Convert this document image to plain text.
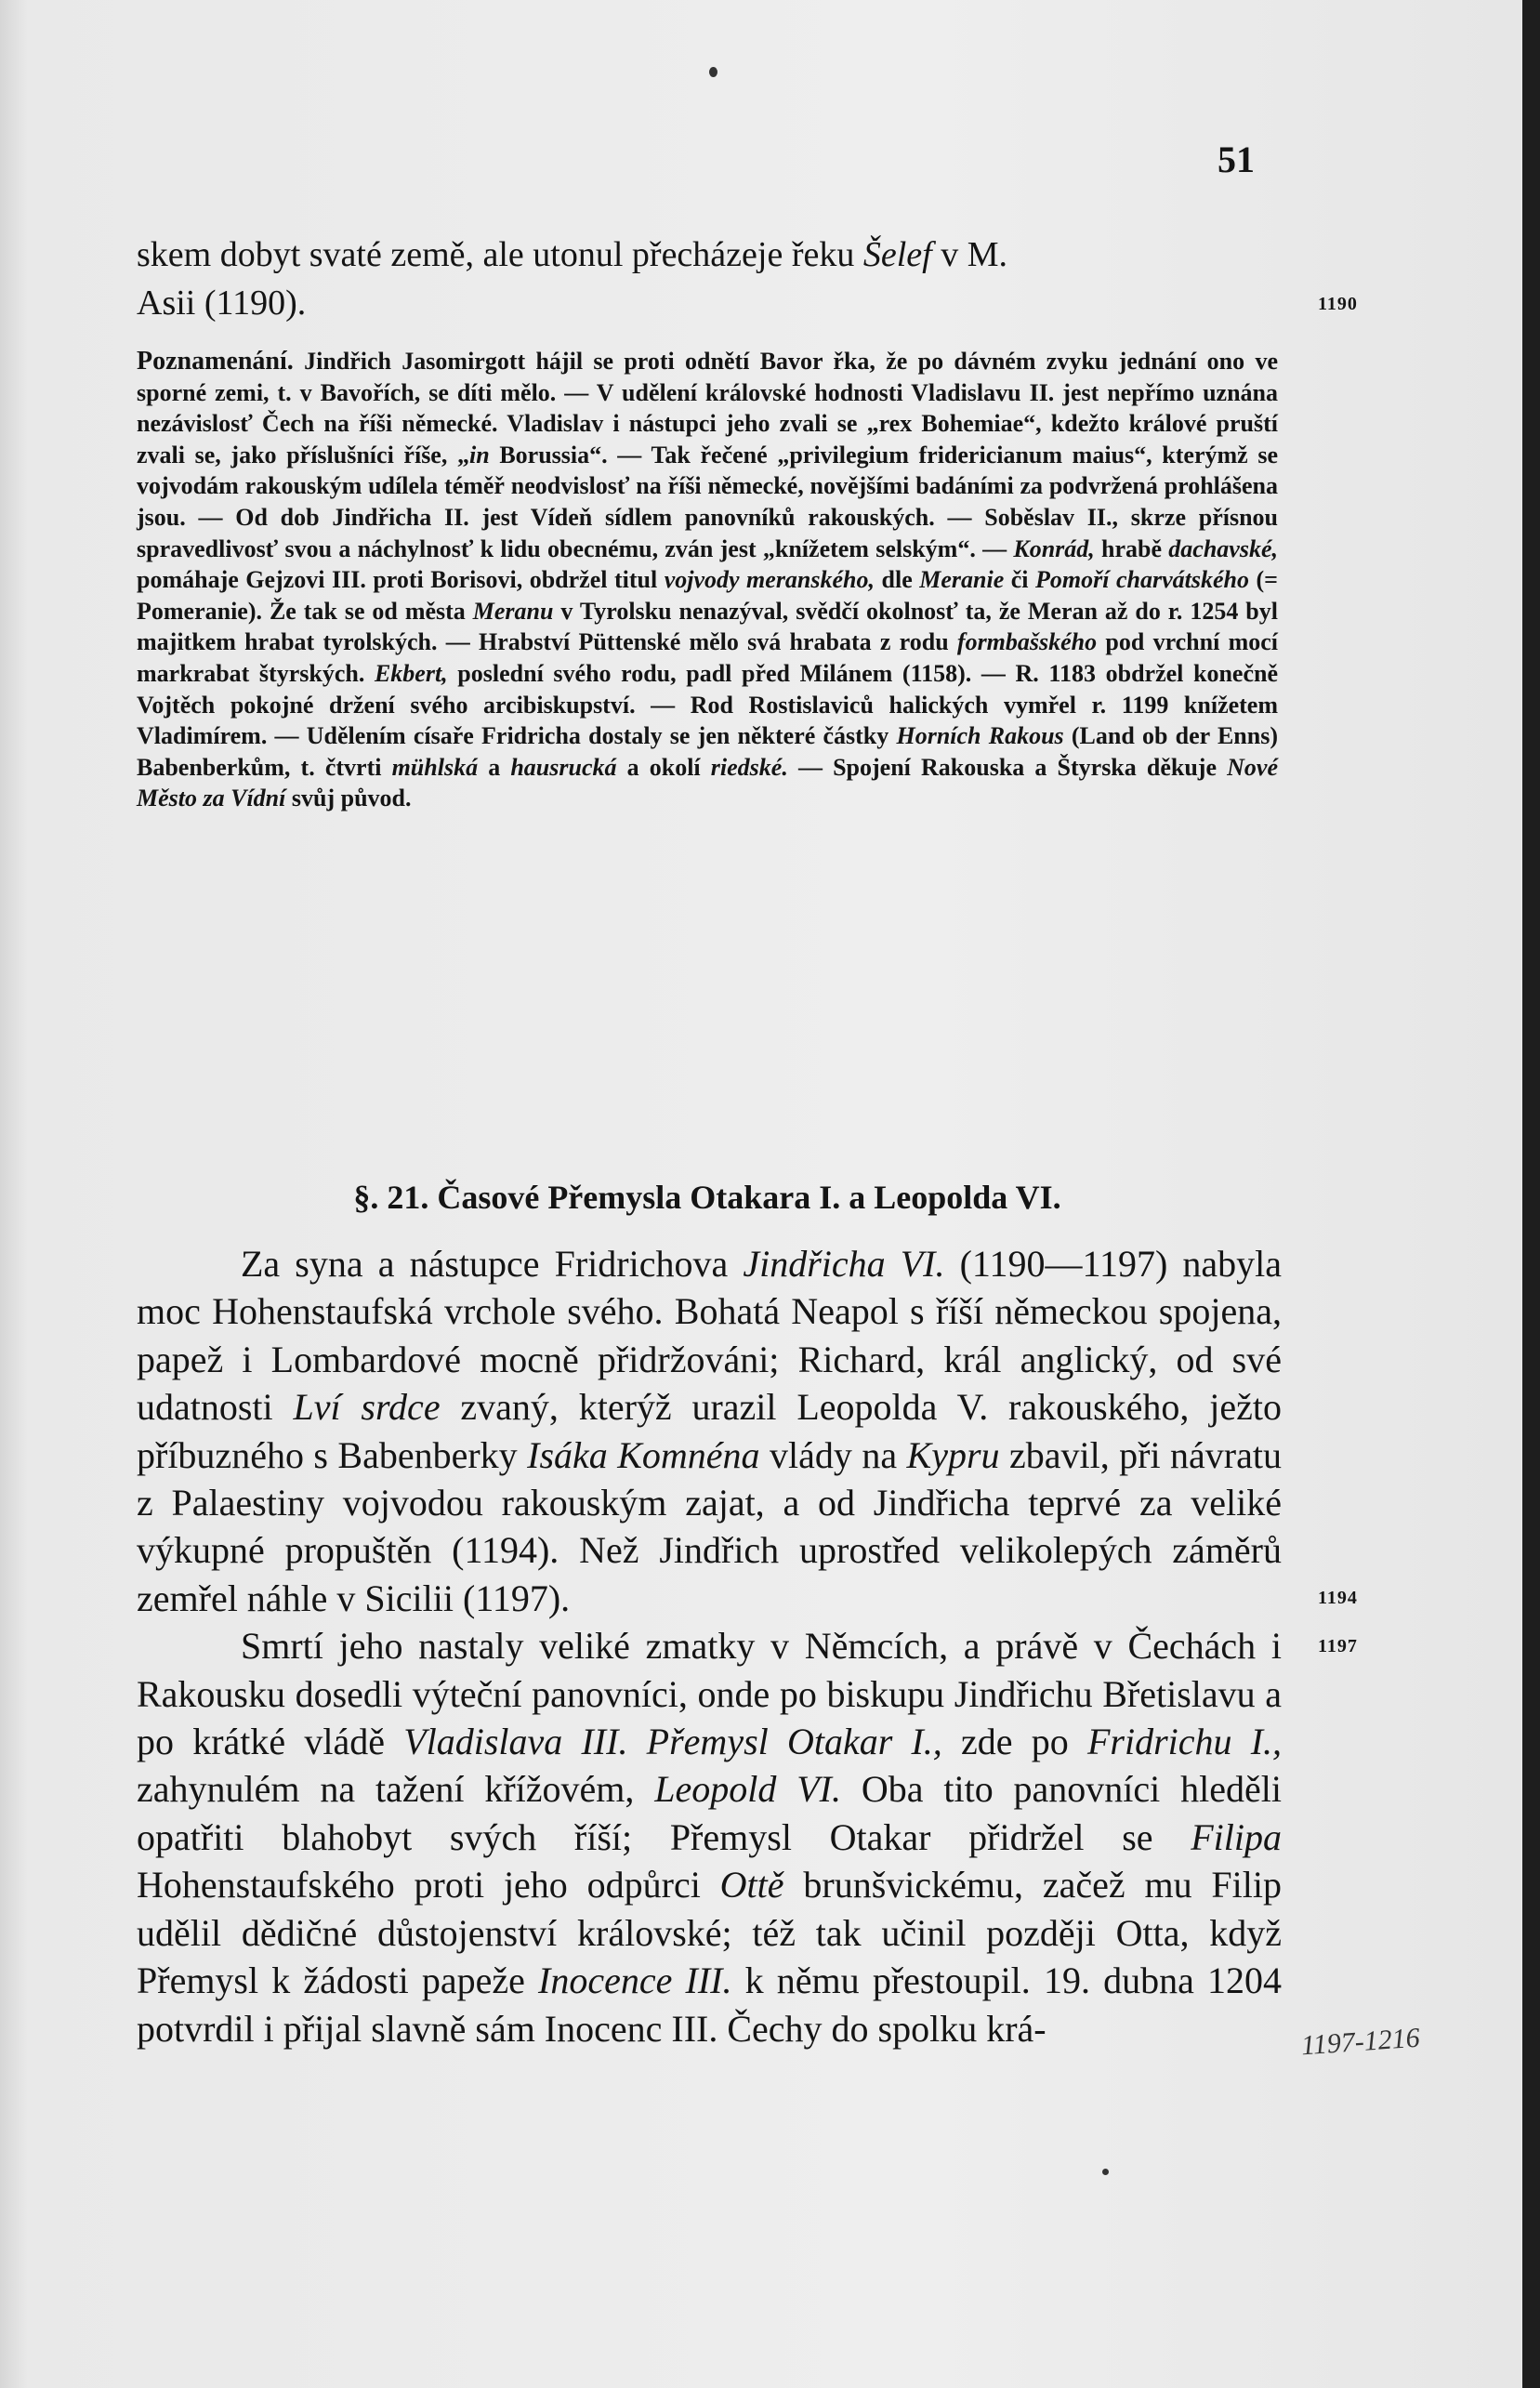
51
skem dobyt svaté země, ale utonul přecházeje řeku Šelef v M.
Asii (1190).	1190
Poznamenání. Jindřich Jasomirgott hájil se proti odnětí Bavor řka, že po dávném zvyku jednání ono ve sporné zemi, t. v Bavořích, se díti mělo. — V udělení královské hodnosti Vladislavu II. jest nepřímo uznána nezávislosť Čech na říši německé. Vladislav i nástupci jeho zvali se „rex Bohemiae“, kdežto králové pruští zvali se, jako příslušníci říše, „in Borussia“. — Tak řečené „privilegium fridericianum maius“, kterýmž se vojvodám rakouským udílela téměř neodvislosť na říši německé, novějšími badáními za podvržená prohlášena jsou. — Od dob Jindřicha II. jest Vídeň sídlem panovníků rakouských. — Soběslav II., skrze přísnou spravedlivosť svou a náchylnosť k lidu obecnému, zván jest „knížetem selským“. — Konrád, hrabě dachavské, pomáhaje Gejzovi III. proti Borisovi, obdržel titul vojvody meranského, dle Meranie či Pomoří charvátského (= Pomeranie). Že tak se od města Meranu v Tyrolsku nenazýval, svědčí okolnosť ta, že Meran až do r. 1254 byl majitkem hrabat tyrolských. — Hrabství Püttenské mělo svá hrabata z rodu formbašského pod vrchní mocí markrabat štyrských. Ekbert, poslední svého rodu, padl před Milánem (1158). — R. 1183 obdržel konečně Vojtěch pokojné držení svého arcibiskupství. — Rod Rostislaviců halických vymřel r. 1199 knížetem Vladimírem. — Udělením císaře Fridricha dostaly se jen některé částky Horních Rakous (Land ob der Enns) Babenberkům, t. čtvrti mühlská a hausrucká a okolí riedské. — Spojení Rakouska a Štyrska děkuje Nové Město za Vídní svůj původ.
§. 21. Časové Přemysla Otakara I. a Leopolda VI.

Za syna a nástupce Fridrichova Jindřicha VI. (1190—1197) nabyla moc Hohenstaufská vrchole svého. Bohatá Neapol s říší německou spojena, papež i Lombardové mocně přidržováni; Richard, král anglický, od své udatnosti Lví srdce zvaný, kterýž urazil Leopolda V. rakouského, ježto příbuzného s Babenberky Isáka Komnéna vlády na Kypru zbavil, při návratu z Palaestiny vojvodou rakouským zajat, a od Jindřicha teprvé za veliké výkupné propuštěn (1194). Než Jindřich uprostřed velikolepých záměrů zemřel náhle v Sicilii (1197).

Smrtí jeho nastaly veliké zmatky v Němcích, a právě v Čechách i Rakousku dosedli výteční panovníci, onde po biskupu Jindřichu Břetislavu a po krátké vládě Vladislava III. Přemysl Otakar I., zde po Fridrichu I., zahynulém na tažení křížovém, Leopold VI. Oba tito panovníci hleděli opatřiti blahobyt svých říší; Přemysl Otakar přidržel se Filipa Hohenstaufského proti jeho odpůrci Ottě brunšvickému, začež mu Filip udělil dědičné důstojenství královské; též tak učinil později Otta, když Přemysl k žádosti papeže Inocence III. k němu přestoupil. 19. dubna 1204 potvrdil i přijal slavně sám Inocenc III. Čechy do spolku krá-

1194
1197
1197-1216
